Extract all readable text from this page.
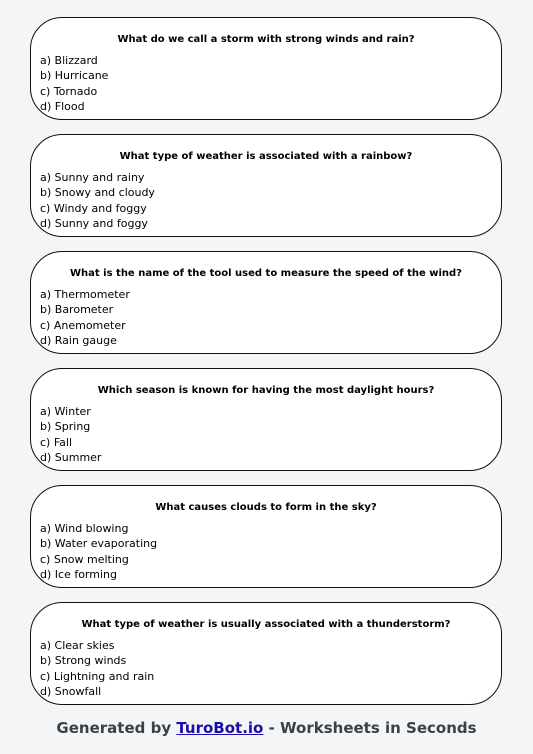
What do we call a storm with strong winds and rain?
a) Blizzard
b) Hurricane
c) Tornado
d) Flood
What type of weather is associated with a rainbow?
a) Sunny and rainy
b) Snowy and cloudy
c) Windy and foggy
d) Sunny and foggy
What is the name of the tool used to measure the speed of the wind?
a) Thermometer
b) Barometer
c) Anemometer
d) Rain gauge
Which season is known for having the most daylight hours?
a) Winter
b) Spring
c) Fall
d) Summer
What causes clouds to form in the sky?
a) Wind blowing
b) Water evaporating
c) Snow melting
d) Ice forming
What type of weather is usually associated with a thunderstorm?
a) Clear skies
b) Strong winds
c) Lightning and rain
d) Snowfall
Generated by TuroBot.io - Worksheets in Seconds
